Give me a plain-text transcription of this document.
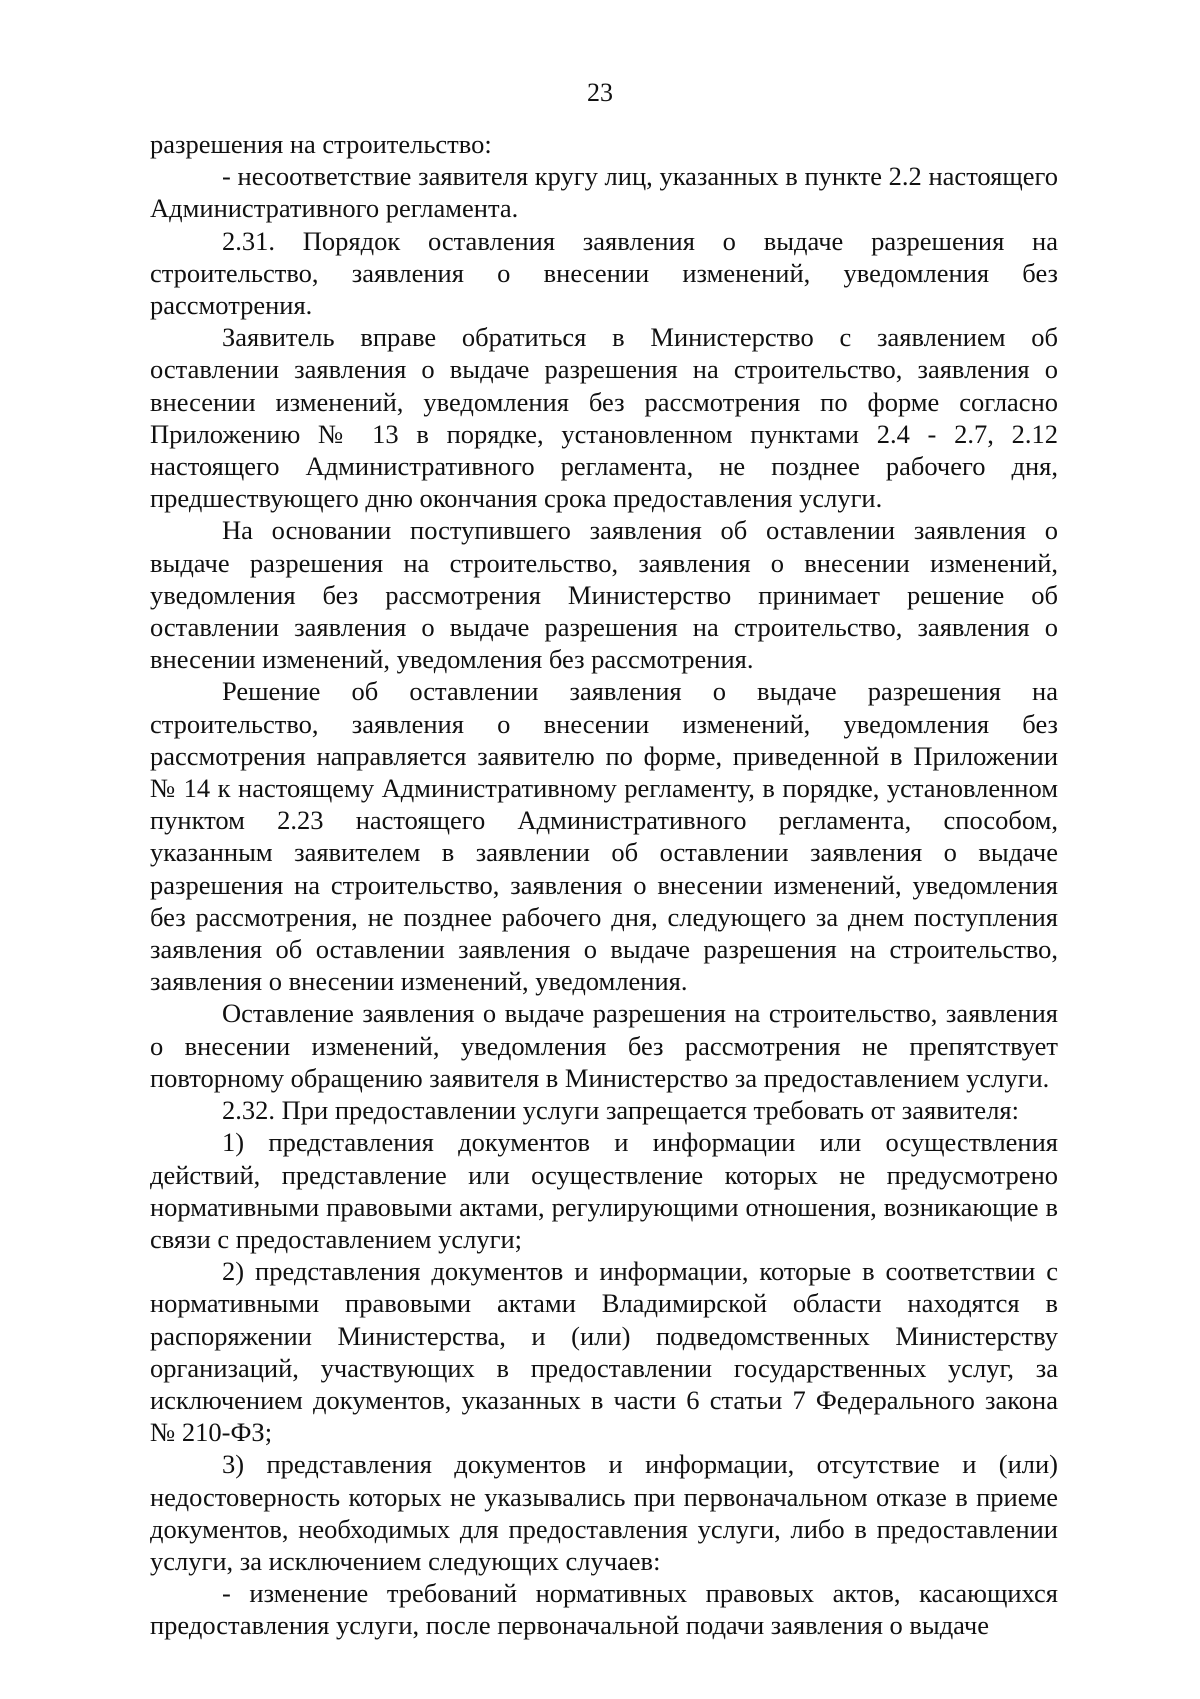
23

разрешения на строительство:

- несоответствие заявителя кругу лиц, указанных в пункте 2.2 настоящего Административного регламента.

2.31. Порядок оставления заявления о выдаче разрешения на строительство, заявления о внесении изменений, уведомления без рассмотрения.

Заявитель вправе обратиться в Министерство с заявлением об оставлении заявления о выдаче разрешения на строительство, заявления о внесении изменений, уведомления без рассмотрения по форме согласно Приложению № 13 в порядке, установленном пунктами 2.4 - 2.7, 2.12 настоящего Административного регламента, не позднее рабочего дня, предшествующего дню окончания срока предоставления услуги.

На основании поступившего заявления об оставлении заявления о выдаче разрешения на строительство, заявления о внесении изменений, уведомления без рассмотрения Министерство принимает решение об оставлении заявления о выдаче разрешения на строительство, заявления о внесении изменений, уведомления без рассмотрения.

Решение об оставлении заявления о выдаче разрешения на строительство, заявления о внесении изменений, уведомления без рассмотрения направляется заявителю по форме, приведенной в Приложении № 14 к настоящему Административному регламенту, в порядке, установленном пунктом 2.23 настоящего Административного регламента, способом, указанным заявителем в заявлении об оставлении заявления о выдаче разрешения на строительство, заявления о внесении изменений, уведомления без рассмотрения, не позднее рабочего дня, следующего за днем поступления заявления об оставлении заявления о выдаче разрешения на строительство, заявления о внесении изменений, уведомления.

Оставление заявления о выдаче разрешения на строительство, заявления о внесении изменений, уведомления без рассмотрения не препятствует повторному обращению заявителя в Министерство за предоставлением услуги.

2.32. При предоставлении услуги запрещается требовать от заявителя:

1) представления документов и информации или осуществления действий, представление или осуществление которых не предусмотрено нормативными правовыми актами, регулирующими отношения, возникающие в связи с предоставлением услуги;

2) представления документов и информации, которые в соответствии с нормативными правовыми актами Владимирской области находятся в распоряжении Министерства, и (или) подведомственных Министерству организаций, участвующих в предоставлении государственных услуг, за исключением документов, указанных в части 6 статьи 7 Федерального закона № 210-ФЗ;

3) представления документов и информации, отсутствие и (или) недостоверность которых не указывались при первоначальном отказе в приеме документов, необходимых для предоставления услуги, либо в предоставлении услуги, за исключением следующих случаев:

- изменение требований нормативных правовых актов, касающихся предоставления услуги, после первоначальной подачи заявления о выдаче
